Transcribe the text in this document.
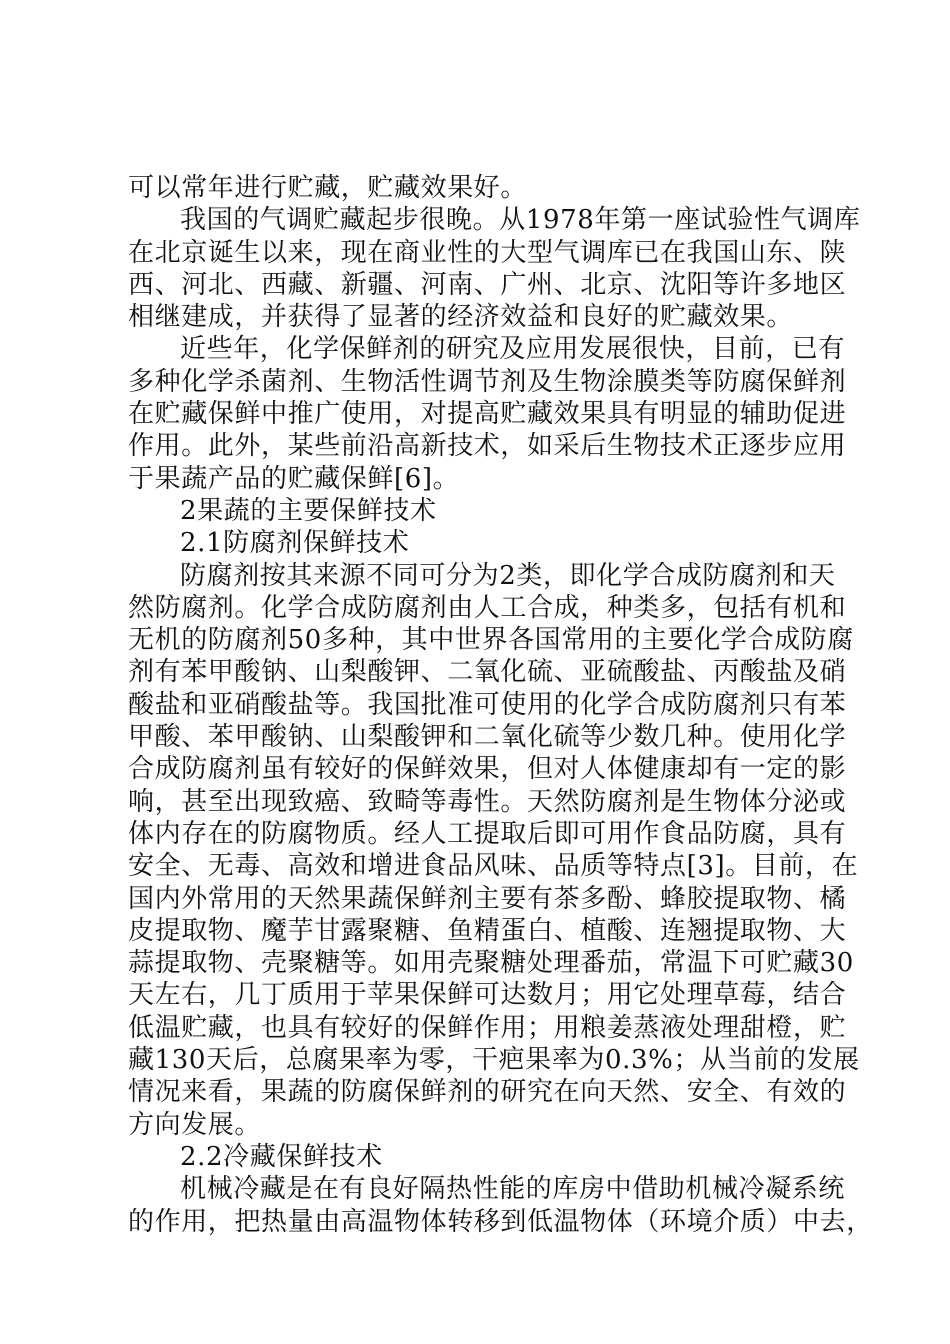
可以常年进行贮藏，贮藏效果好。
我国的气调贮藏起步很晚。从1978年第一座试验性气调库
在北京诞生以来，现在商业性的大型气调库已在我国山东、陕
西、河北、西藏、新疆、河南、广州、北京、沈阳等许多地区
相继建成，并获得了显著的经济效益和良好的贮藏效果。
近些年，化学保鲜剂的研究及应用发展很快，目前，已有
多种化学杀菌剂、生物活性调节剂及生物涂膜类等防腐保鲜剂
在贮藏保鲜中推广使用，对提高贮藏效果具有明显的辅助促进
作用。此外，某些前沿高新技术，如采后生物技术正逐步应用
于果蔬产品的贮藏保鲜[6]。
2果蔬的主要保鲜技术
2.1防腐剂保鲜技术
防腐剂按其来源不同可分为2类，即化学合成防腐剂和天
然防腐剂。化学合成防腐剂由人工合成，种类多，包括有机和
无机的防腐剂50多种，其中世界各国常用的主要化学合成防腐
剂有苯甲酸钠、山梨酸钾、二氧化硫、亚硫酸盐、丙酸盐及硝
酸盐和亚硝酸盐等。我国批准可使用的化学合成防腐剂只有苯
甲酸、苯甲酸钠、山梨酸钾和二氧化硫等少数几种。使用化学
合成防腐剂虽有较好的保鲜效果，但对人体健康却有一定的影
响，甚至出现致癌、致畸等毒性。天然防腐剂是生物体分泌或
体内存在的防腐物质。经人工提取后即可用作食品防腐，具有
安全、无毒、高效和增进食品风味、品质等特点[3]。目前，在
国内外常用的天然果蔬保鲜剂主要有茶多酚、蜂胶提取物、橘
皮提取物、魔芋甘露聚糖、鱼精蛋白、植酸、连翘提取物、大
蒜提取物、壳聚糖等。如用壳聚糖处理番茄，常温下可贮藏30
天左右，几丁质用于苹果保鲜可达数月；用它处理草莓，结合
低温贮藏，也具有较好的保鲜作用；用粮姜蒸液处理甜橙，贮
藏130天后，总腐果率为零，干疤果率为0.3%；从当前的发展
情况来看，果蔬的防腐保鲜剂的研究在向天然、安全、有效的
方向发展。
2.2冷藏保鲜技术
机械冷藏是在有良好隔热性能的库房中借助机械冷凝系统
的作用，把热量由高温物体转移到低温物体（环境介质）中去，
